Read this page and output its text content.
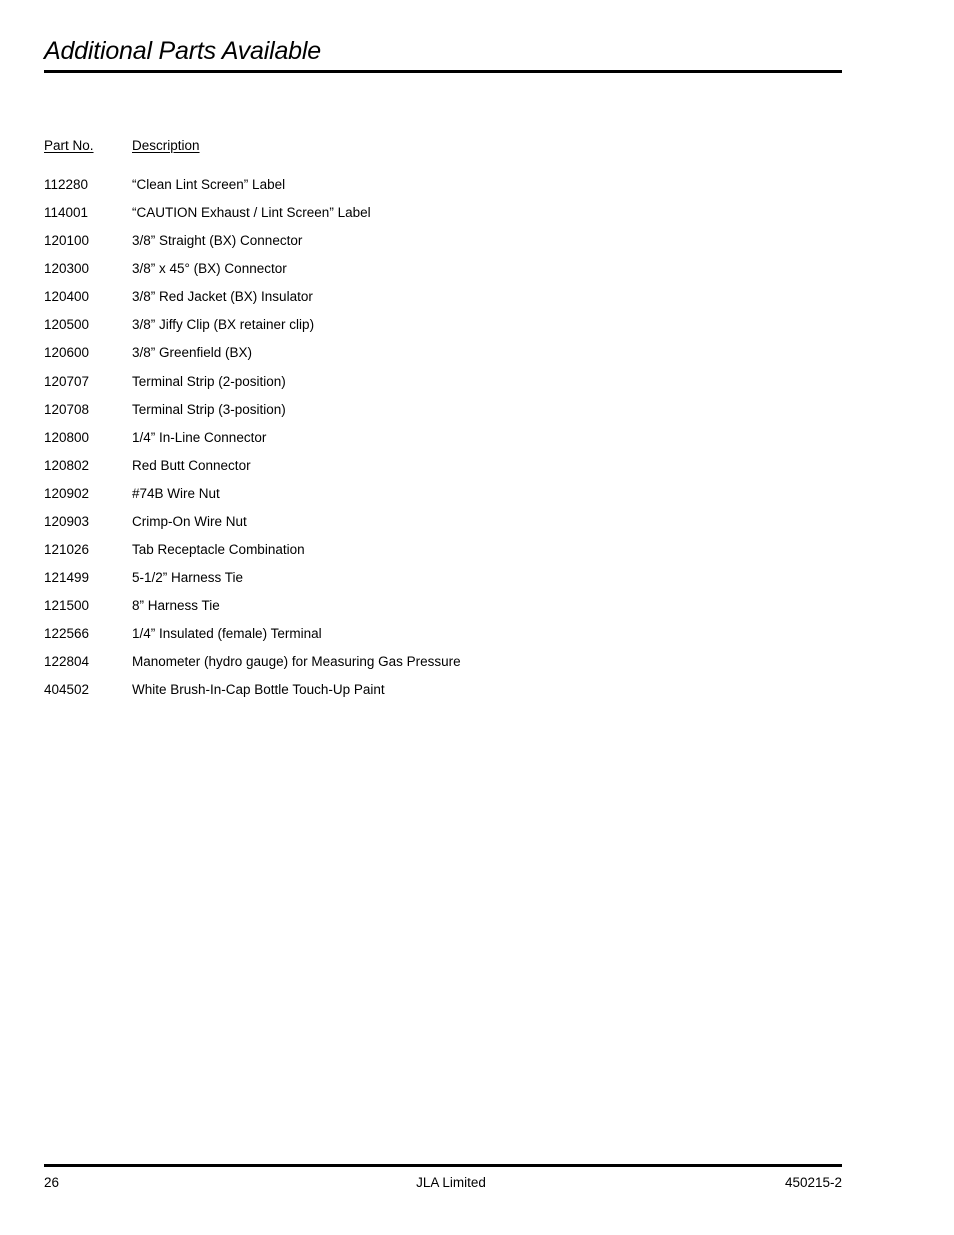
Additional Parts Available
Part No.	Description
112280	“Clean Lint Screen” Label
114001	“CAUTION Exhaust / Lint Screen” Label
120100	3/8” Straight (BX) Connector
120300	3/8” x 45° (BX) Connector
120400	3/8” Red Jacket (BX) Insulator
120500	3/8” Jiffy Clip (BX retainer clip)
120600	3/8” Greenfield (BX)
120707	Terminal Strip (2-position)
120708	Terminal Strip (3-position)
120800	1/4” In-Line Connector
120802	Red Butt Connector
120902	#74B Wire Nut
120903	Crimp-On Wire Nut
121026	Tab Receptacle Combination
121499	5-1/2” Harness Tie
121500	8” Harness Tie
122566	1/4” Insulated (female) Terminal
122804	Manometer (hydro gauge) for Measuring Gas Pressure
404502	White Brush-In-Cap Bottle Touch-Up Paint
26	JLA Limited	450215-2
